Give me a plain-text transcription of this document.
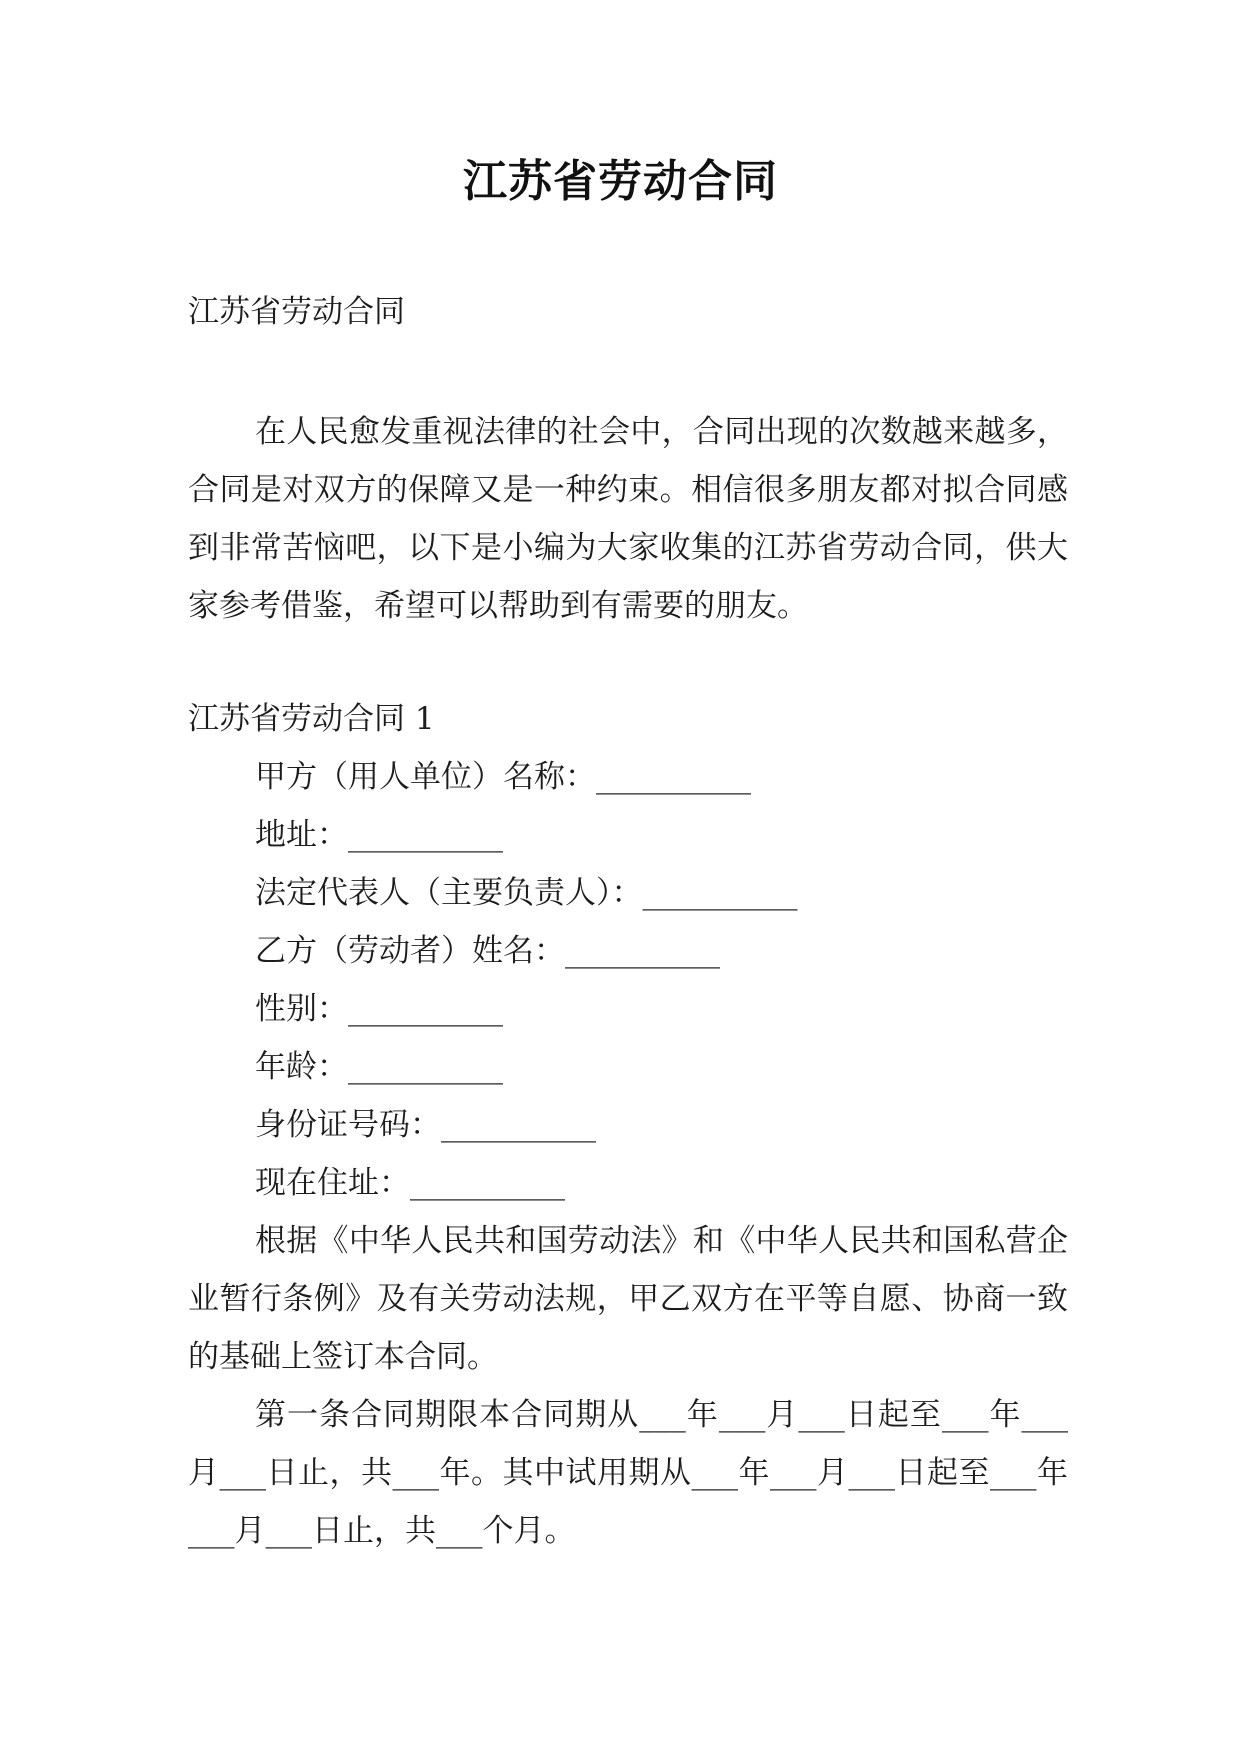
江苏省劳动合同
江苏省劳动合同
在人民愈发重视法律的社会中，合同出现的次数越来越多，合同是对双方的保障又是一种约束。相信很多朋友都对拟合同感到非常苦恼吧，以下是小编为大家收集的江苏省劳动合同，供大家参考借鉴，希望可以帮助到有需要的朋友。
江苏省劳动合同 1
甲方（用人单位）名称：__________
地址：__________
法定代表人（主要负责人）：__________
乙方（劳动者）姓名：__________
性别：__________
年龄：__________
身份证号码：__________
现在住址：__________
根据《中华人民共和国劳动法》和《中华人民共和国私营企业暂行条例》及有关劳动法规，甲乙双方在平等自愿、协商一致的基础上签订本合同。
第一条合同期限本合同期从___年___月___日起至___年___月___日止，共___年。其中试用期从___年___月___日起至___年___月___日止，共___个月。
